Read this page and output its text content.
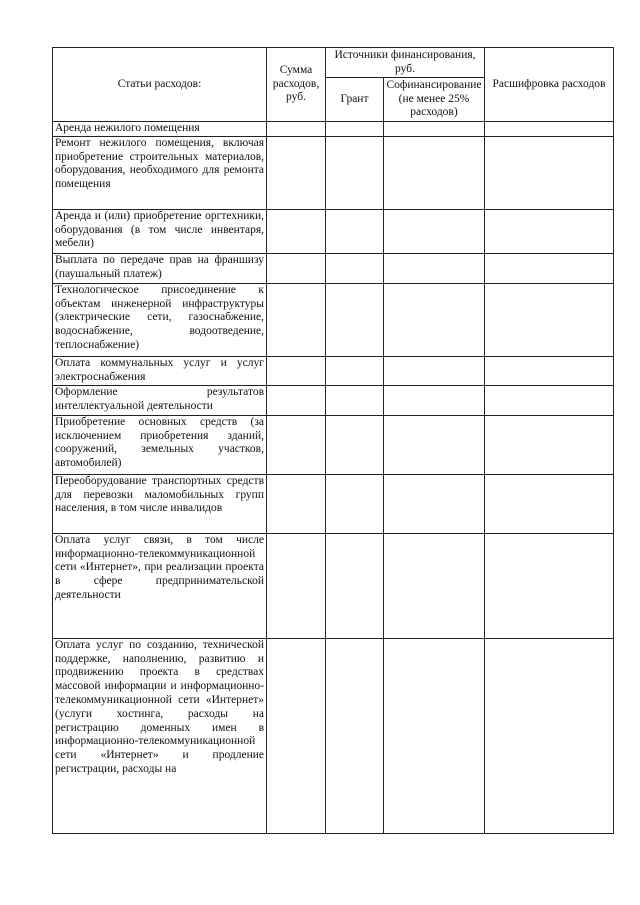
Статьи расходов:	Сумма расходов, руб.	Источники финансирования, руб.		Расшифровка расходов
		Грант	Софинансирование (не менее 25% расходов)	
Аренда нежилого помещения				
Ремонт нежилого помещения, включая приобретение строительных материалов, оборудования, необходимого для ремонта помещения				
Аренда и (или) приобретение оргтехники, оборудования (в том числе инвентаря, мебели)				
Выплата по передаче прав на франшизу (паушальный платеж)				
Технологическое присоединение к объектам инженерной инфраструктуры (электрические сети, газоснабжение, водоснабжение, водоотведение, теплоснабжение)				
Оплата коммунальных услуг и услуг электроснабжения				
Оформление результатов интеллектуальной деятельности				
Приобретение основных средств (за исключением приобретения зданий, сооружений, земельных участков, автомобилей)				
Переоборудование транспортных средств для перевозки маломобильных групп населения, в том числе инвалидов				
Оплата услуг связи, в том числе информационно-телекоммуникационной сети «Интернет», при реализации проекта в сфере предпринимательской деятельности				
Оплата услуг по созданию, технической поддержке, наполнению, развитию и продвижению проекта в средствах массовой информации и информационно-телекоммуникационной сети «Интернет» (услуги хостинга, расходы на регистрацию доменных имен в информационно-телекоммуникационной сети «Интернет» и продление регистрации, расходы на				
